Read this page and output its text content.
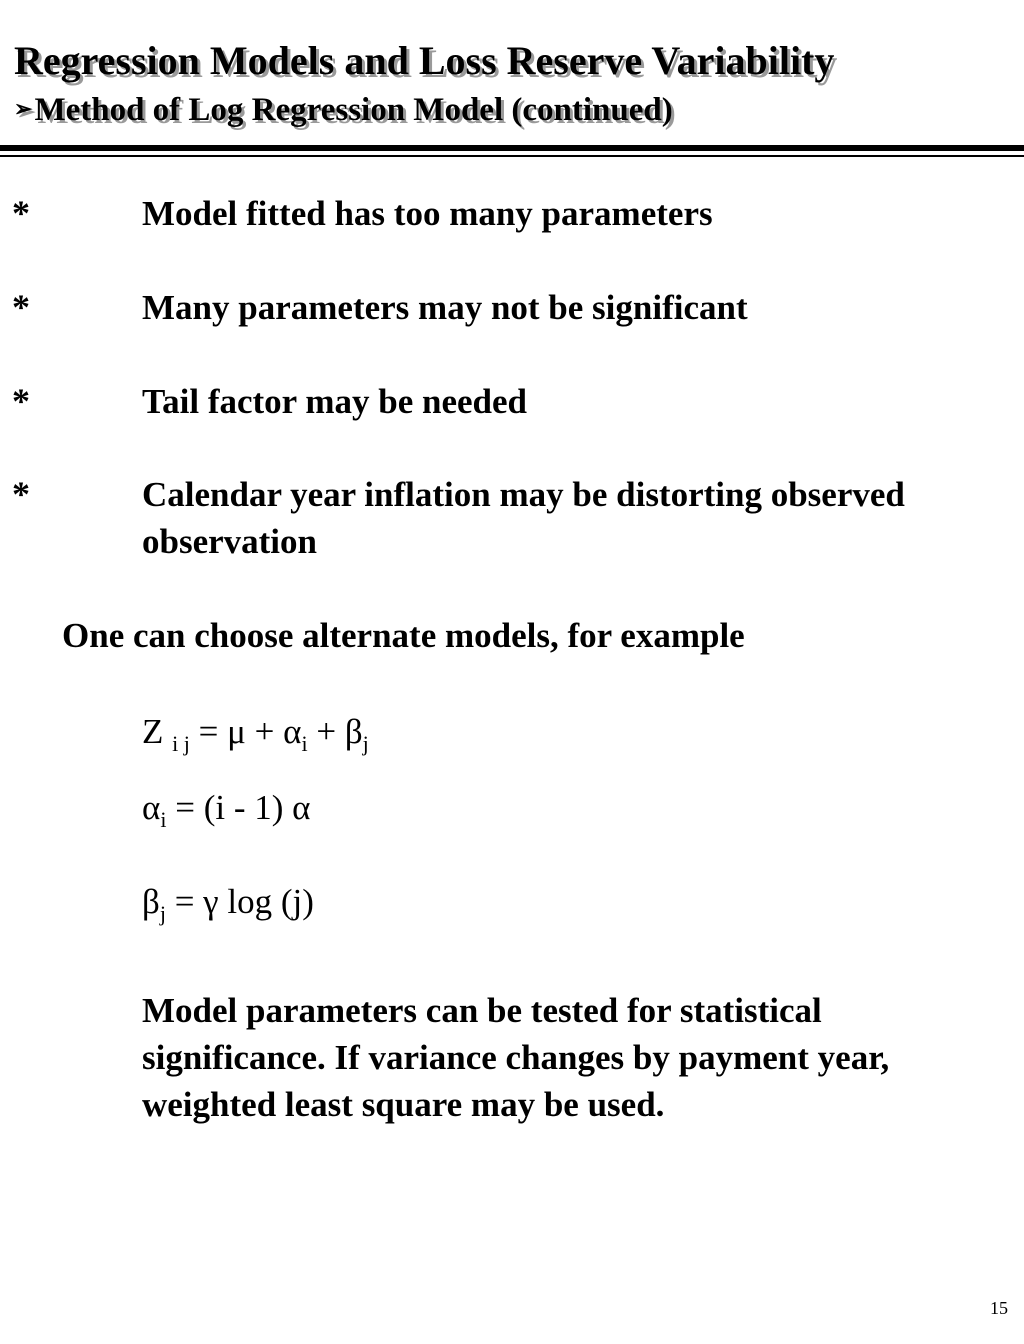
Regression Models and Loss Reserve Variability
➢Method of Log Regression Model (continued)
*	Model fitted has too many parameters
*	Many parameters may not be significant
*	Tail factor may be needed
*	Calendar year inflation may be distorting observed observation
One can choose alternate models, for example
Z $_{i j} = \mu + \alpha_i + \beta_j$
$\alpha_i = (i - 1)$ α
$\beta_j = \gamma$ log (j)
Model parameters can be tested for statistical significance. If variance changes by payment year, weighted least square may be used.
15
